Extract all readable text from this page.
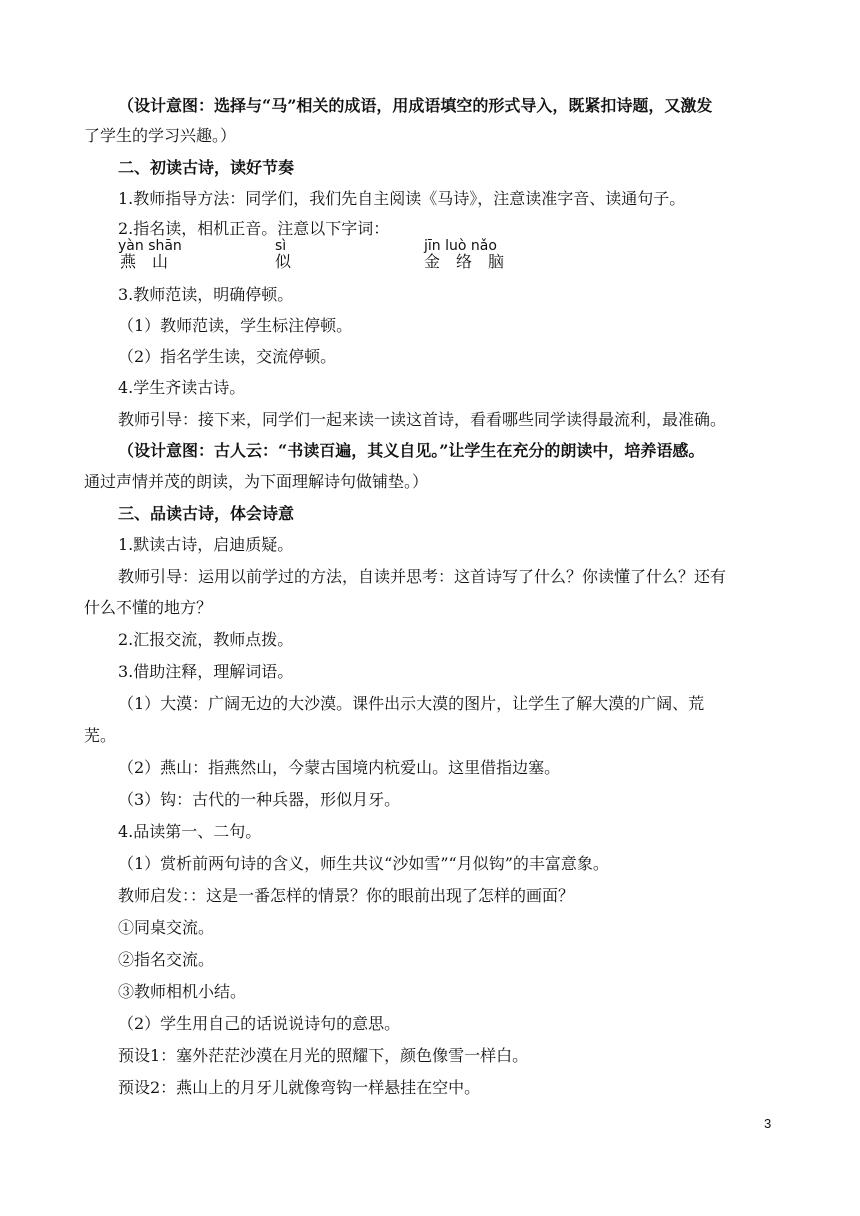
（设计意图：选择与“马”相关的成语，用成语填空的形式导入，既紧扣诗题，又激发
了学生的学习兴趣。）
二、初读古诗，读好节奏
1.教师指导方法：同学们，我们先自主阅读《马诗》，注意读准字音、读通句子。
2.指名读，相机正音。注意以下字词：
yàn shān
燕　山
sì
似
jīn luò nǎo
金　络　脑
3.教师范读，明确停顿。
（1）教师范读，学生标注停顿。
（2）指名学生读，交流停顿。
4.学生齐读古诗。
教师引导：接下来，同学们一起来读一读这首诗，看看哪些同学读得最流利，最准确。
（设计意图：古人云：“书读百遍，其义自见。”让学生在充分的朗读中，培养语感。
通过声情并茂的朗读，为下面理解诗句做铺垫。）
三、品读古诗，体会诗意
1.默读古诗，启迪质疑。
教师引导：运用以前学过的方法，自读并思考：这首诗写了什么？你读懂了什么？还有
什么不懂的地方？
2.汇报交流，教师点拨。
3.借助注释，理解词语。
（1）大漠：广阔无边的大沙漠。课件出示大漠的图片，让学生了解大漠的广阔、荒
芜。
（2）燕山：指燕然山，今蒙古国境内杭爱山。这里借指边塞。
（3）钩：古代的一种兵器，形似月牙。
4.品读第一、二句。
（1）赏析前两句诗的含义，师生共议“沙如雪”“月似钩”的丰富意象。
教师启发：：这是一番怎样的情景？你的眼前出现了怎样的画面？
①同桌交流。
②指名交流。
③教师相机小结。
（2）学生用自己的话说说诗句的意思。
预设1：塞外茫茫沙漠在月光的照耀下，颜色像雪一样白。
预设2：燕山上的月牙儿就像弯钩一样悬挂在空中。
3
